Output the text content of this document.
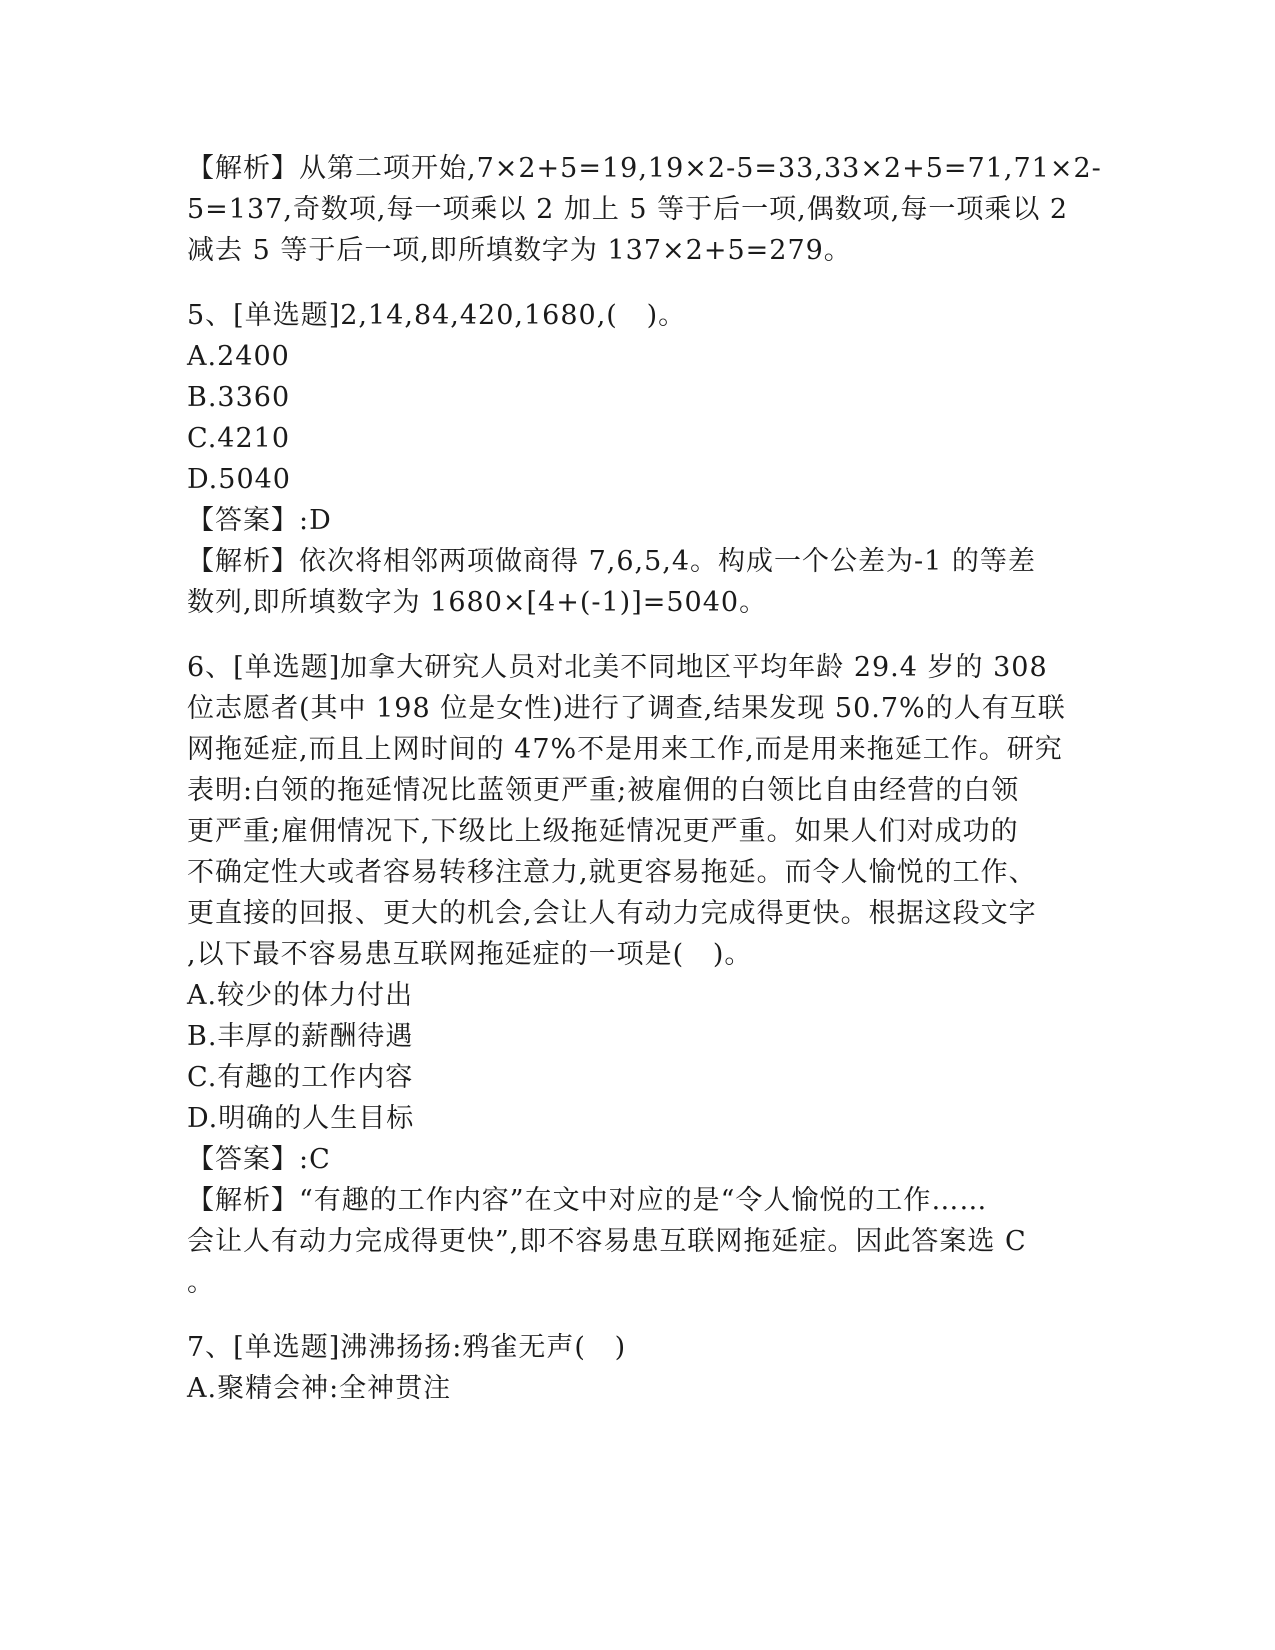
【解析】从第二项开始,7×2+5=19,19×2-5=33,33×2+5=71,71×2-
5=137,奇数项,每一项乘以 2 加上 5 等于后一项,偶数项,每一项乘以 2
减去 5 等于后一项,即所填数字为 137×2+5=279。
5、[单选题]2,14,84,420,1680,(   )。
A.2400
B.3360
C.4210
D.5040
【答案】:D
【解析】依次将相邻两项做商得 7,6,5,4。构成一个公差为-1 的等差
数列,即所填数字为 1680×[4+(-1)]=5040。
6、[单选题]加拿大研究人员对北美不同地区平均年龄 29.4 岁的 308
位志愿者(其中 198 位是女性)进行了调查,结果发现 50.7%的人有互联
网拖延症,而且上网时间的 47%不是用来工作,而是用来拖延工作。研究
表明:白领的拖延情况比蓝领更严重;被雇佣的白领比自由经营的白领
更严重;雇佣情况下,下级比上级拖延情况更严重。如果人们对成功的
不确定性大或者容易转移注意力,就更容易拖延。而令人愉悦的工作、
更直接的回报、更大的机会,会让人有动力完成得更快。根据这段文字
,以下最不容易患互联网拖延症的一项是(   )。
A.较少的体力付出
B.丰厚的薪酬待遇
C.有趣的工作内容
D.明确的人生目标
【答案】:C
【解析】“有趣的工作内容”在文中对应的是“令人愉悦的工作……
会让人有动力完成得更快”,即不容易患互联网拖延症。因此答案选 C
。
7、[单选题]沸沸扬扬:鸦雀无声(   )
A.聚精会神:全神贯注
